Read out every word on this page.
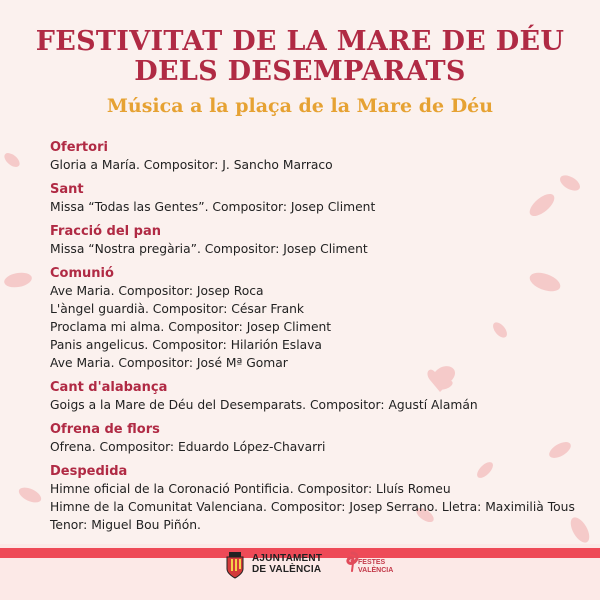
FESTIVITAT DE LA MARE DE DÉU
DELS DESEMPARATS
Música a la plaça de la Mare de Déu
Ofertori
Gloria a María. Compositor: J. Sancho Marraco
Sant
Missa “Todas las Gentes”. Compositor: Josep Climent
Fracció del pan
Missa “Nostra pregària”. Compositor: Josep Climent
Comunió
Ave Maria. Compositor: Josep Roca
L'àngel guardià. Compositor: César Frank
Proclama mi alma. Compositor: Josep Climent
Panis angelicus. Compositor: Hilarión Eslava
Ave Maria. Compositor: José Mª Gomar
Cant d'alabança
Goigs a la Mare de Déu del Desemparats. Compositor: Agustí Alamán
Ofrena de flors
Ofrena. Compositor: Eduardo López-Chavarri
Despedida
Himne oficial de la Coronació Pontificia. Compositor: Lluís Romeu
Himne de la Comunitat Valenciana. Compositor: Josep Serrano. Lletra: Maximilià Tous
Tenor: Miguel Bou Piñón.
AJUNTAMENT
DE VALÈNCIA
FESTES
VALÈNCIA
